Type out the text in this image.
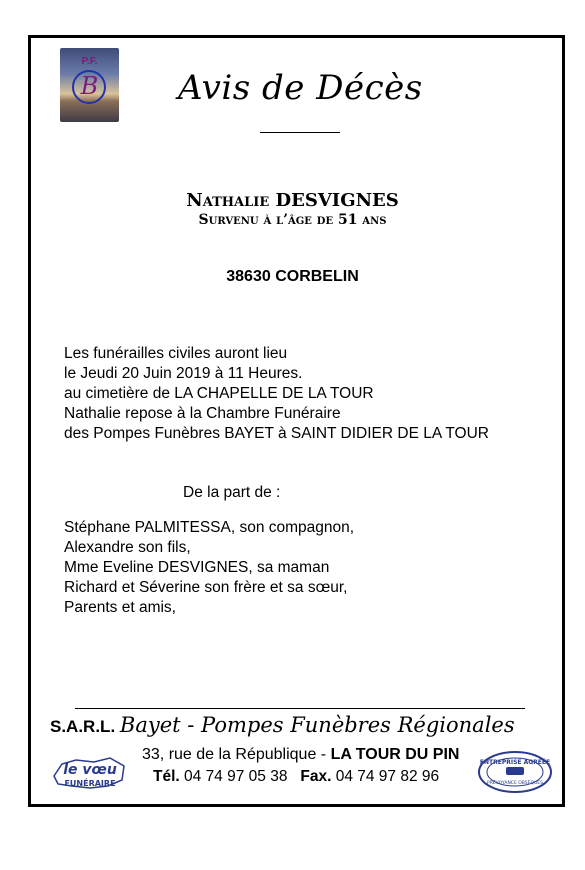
P.F.
B	Avis de Décès
Nathalie DESVIGNES
Survenu à l’âge de 51 ans
38630 CORBELIN
Les funérailles civiles auront lieu
le Jeudi 20 Juin 2019 à 11 Heures.
au cimetière de LA CHAPELLE DE LA TOUR
Nathalie repose à la Chambre Funéraire
des Pompes Funèbres BAYET à SAINT DIDIER DE LA TOUR
De la part de :
Stéphane PALMITESSA, son compagnon,
Alexandre son fils,
Mme Eveline DESVIGNES, sa maman
Richard et Séverine son frère et sa sœur,
Parents et amis,
S.A.R.L. Bayet - Pompes Funèbres Régionales
33, rue de la République - LA TOUR DU PIN
Tél. 04 74 97 05 38 Fax. 04 74 97 82 96
le vœu
FUNÉRAIRE
ENTREPRISE AGRÉÉE
PRÉVOYANCE OBSÈQUES
